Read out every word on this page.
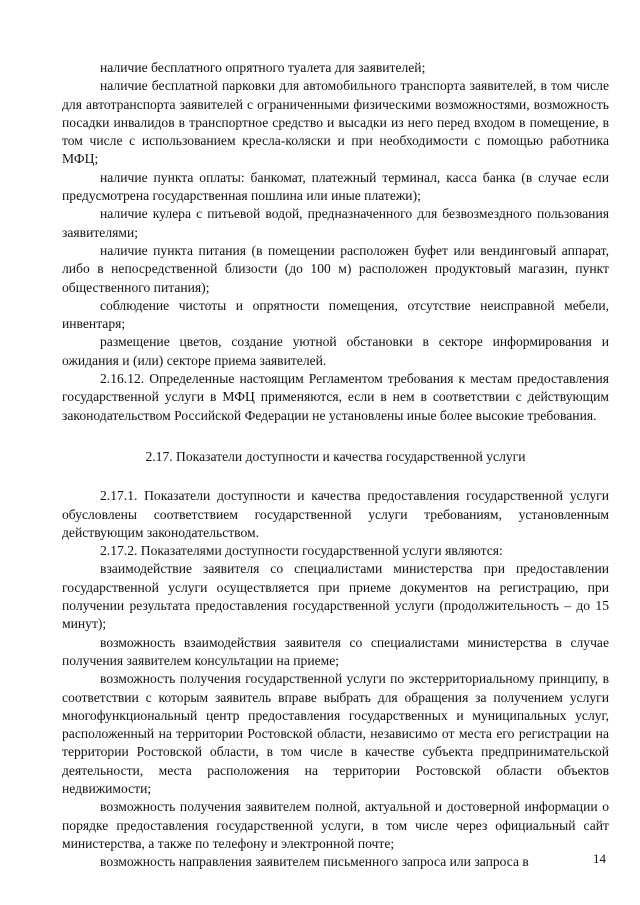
наличие бесплатного опрятного туалета для заявителей;

наличие бесплатной парковки для автомобильного транспорта заявителей, в том числе для автотранспорта заявителей с ограниченными физическими возможностями, возможность посадки инвалидов в транспортное средство и высадки из него перед входом в помещение, в том числе с использованием кресла-коляски и при необходимости с помощью работника МФЦ;

наличие пункта оплаты: банкомат, платежный терминал, касса банка (в случае если предусмотрена государственная пошлина или иные платежи);

наличие кулера с питьевой водой, предназначенного для безвозмездного пользования заявителями;

наличие пункта питания (в помещении расположен буфет или вендинговый аппарат, либо в непосредственной близости (до 100 м) расположен продуктовый магазин, пункт общественного питания);

соблюдение чистоты и опрятности помещения, отсутствие неисправной мебели, инвентаря;

размещение цветов, создание уютной обстановки в секторе информирования и ожидания и (или) секторе приема заявителей.

2.16.12. Определенные настоящим Регламентом требования к местам предоставления государственной услуги в МФЦ применяются, если в нем в соответствии с действующим законодательством Российской Федерации не установлены иные более высокие требования.

2.17. Показатели доступности и качества государственной услуги

2.17.1. Показатели доступности и качества предоставления государственной услуги обусловлены соответствием государственной услуги требованиям, установленным действующим законодательством.

2.17.2. Показателями доступности государственной услуги являются:

взаимодействие заявителя со специалистами министерства при предоставлении государственной услуги осуществляется при приеме документов на регистрацию, при получении результата предоставления государственной услуги (продолжительность – до 15 минут);

возможность взаимодействия заявителя со специалистами министерства в случае получения заявителем консультации на приеме;

возможность получения государственной услуги по экстерриториальному принципу, в соответствии с которым заявитель вправе выбрать для обращения за получением услуги многофункциональный центр предоставления государственных и муниципальных услуг, расположенный на территории Ростовской области, независимо от места его регистрации на территории Ростовской области, в том числе в качестве субъекта предпринимательской деятельности, места расположения на территории Ростовской области объектов недвижимости;

возможность получения заявителем полной, актуальной и достоверной информации о порядке предоставления государственной услуги, в том числе через официальный сайт министерства, а также по телефону и электронной почте;

возможность направления заявителем письменного запроса или запроса в	14
